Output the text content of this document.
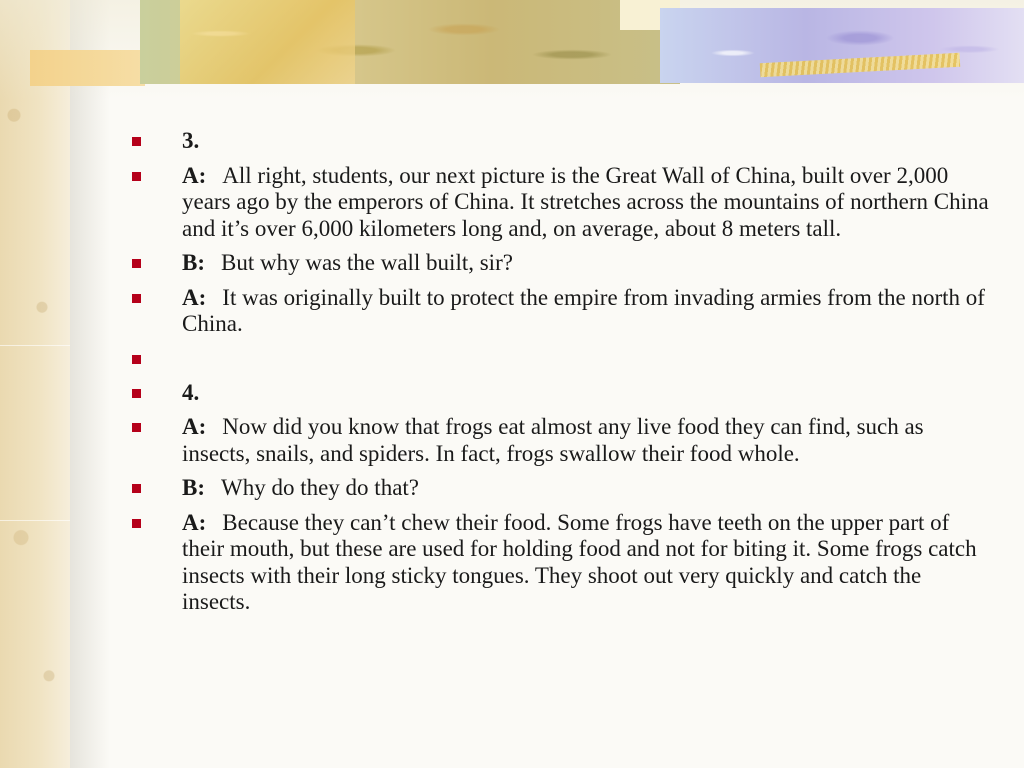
3.
A: All right, students, our next picture is the Great Wall of China, built over 2,000 years ago by the emperors of China. It stretches across the mountains of northern China and it’s over 6,000 kilometers long and, on average, about 8 meters tall.
B: But why was the wall built, sir?
A: It was originally built to protect the empire from invading armies from the north of China.
4.
A: Now did you know that frogs eat almost any live food they can find, such as insects, snails, and spiders. In fact, frogs swallow their food whole.
B: Why do they do that?
A: Because they can’t chew their food. Some frogs have teeth on the upper part of their mouth, but these are used for holding food and not for biting it. Some frogs catch insects with their long sticky tongues. They shoot out very quickly and catch the insects.
